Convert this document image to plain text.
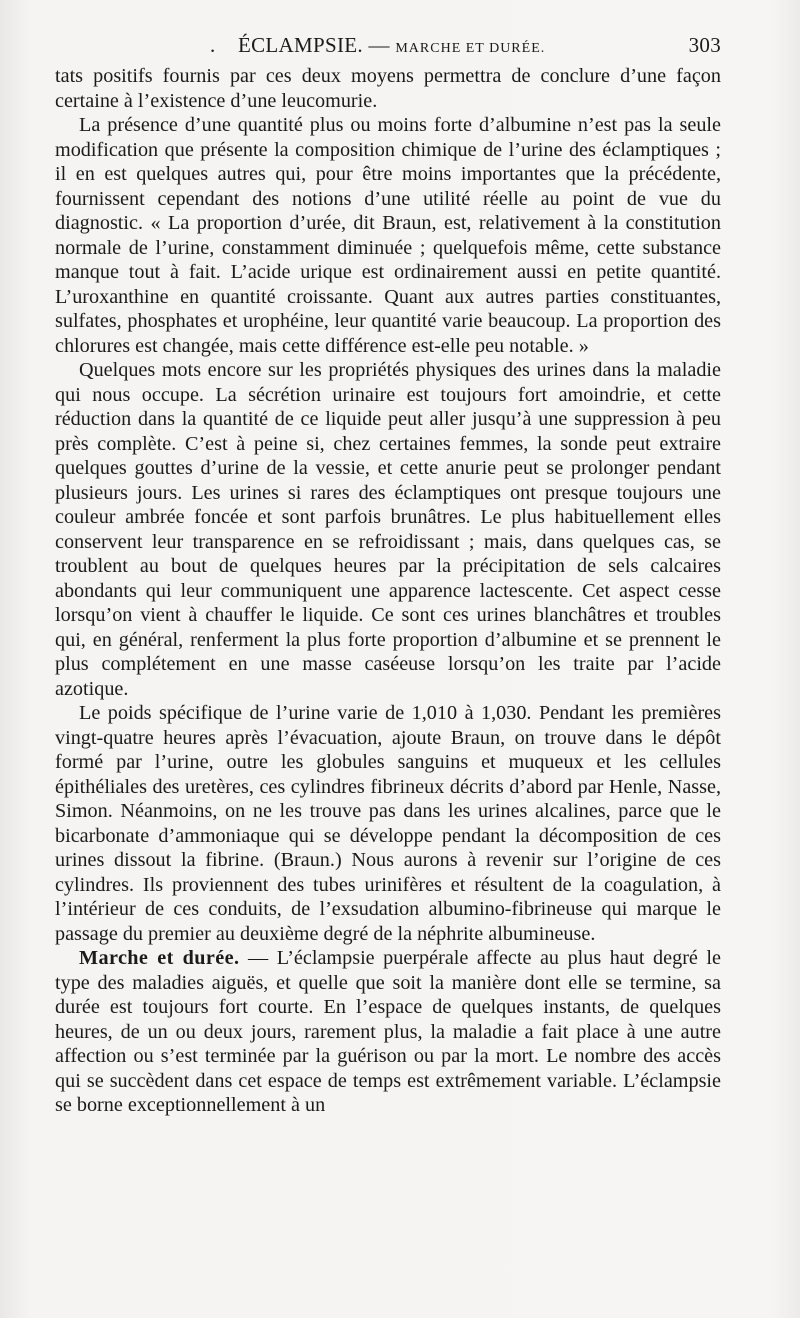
. ÉCLAMPSIE. — MARCHE ET DURÉE.	303

tats positifs fournis par ces deux moyens permettra de conclure d’une façon certaine à l’existence d’une leucomurie.

La présence d’une quantité plus ou moins forte d’albumine n’est pas la seule modification que présente la composition chimique de l’urine des éclamptiques ; il en est quelques autres qui, pour être moins importantes que la précédente, fournissent cependant des notions d’une utilité réelle au point de vue du diagnostic. « La proportion d’urée, dit Braun, est, relativement à la constitution normale de l’urine, constamment diminuée ; quelquefois même, cette substance manque tout à fait. L’acide urique est ordinairement aussi en petite quantité. L’uroxanthine en quantité croissante. Quant aux autres parties constituantes, sulfates, phosphates et urophéine, leur quantité varie beaucoup. La proportion des chlorures est changée, mais cette différence est-elle peu notable. »

Quelques mots encore sur les propriétés physiques des urines dans la maladie qui nous occupe. La sécrétion urinaire est toujours fort amoindrie, et cette réduction dans la quantité de ce liquide peut aller jusqu’à une suppression à peu près complète. C’est à peine si, chez certaines femmes, la sonde peut extraire quelques gouttes d’urine de la vessie, et cette anurie peut se prolonger pendant plusieurs jours. Les urines si rares des éclamptiques ont presque toujours une couleur ambrée foncée et sont parfois brunâtres. Le plus habituellement elles conservent leur transparence en se refroidissant ; mais, dans quelques cas, se troublent au bout de quelques heures par la précipitation de sels calcaires abondants qui leur communiquent une apparence lactescente. Cet aspect cesse lorsqu’on vient à chauffer le liquide. Ce sont ces urines blanchâtres et troubles qui, en général, renferment la plus forte proportion d’albumine et se prennent le plus complétement en une masse caséeuse lorsqu’on les traite par l’acide azotique.

Le poids spécifique de l’urine varie de 1,010 à 1,030. Pendant les premières vingt-quatre heures après l’évacuation, ajoute Braun, on trouve dans le dépôt formé par l’urine, outre les globules sanguins et muqueux et les cellules épithéliales des uretères, ces cylindres fibrineux décrits d’abord par Henle, Nasse, Simon. Néanmoins, on ne les trouve pas dans les urines alcalines, parce que le bicarbonate d’ammoniaque qui se développe pendant la décomposition de ces urines dissout la fibrine. (Braun.) Nous aurons à revenir sur l’origine de ces cylindres. Ils proviennent des tubes urinifères et résultent de la coagulation, à l’intérieur de ces conduits, de l’exsudation albumino-fibrineuse qui marque le passage du premier au deuxième degré de la néphrite albumineuse.

Marche et durée. — L’éclampsie puerpérale affecte au plus haut degré le type des maladies aiguës, et quelle que soit la manière dont elle se termine, sa durée est toujours fort courte. En l’espace de quelques instants, de quelques heures, de un ou deux jours, rarement plus, la maladie a fait place à une autre affection ou s’est terminée par la guérison ou par la mort. Le nombre des accès qui se succèdent dans cet espace de temps est extrêmement variable. L’éclampsie se borne exceptionnellement à un
